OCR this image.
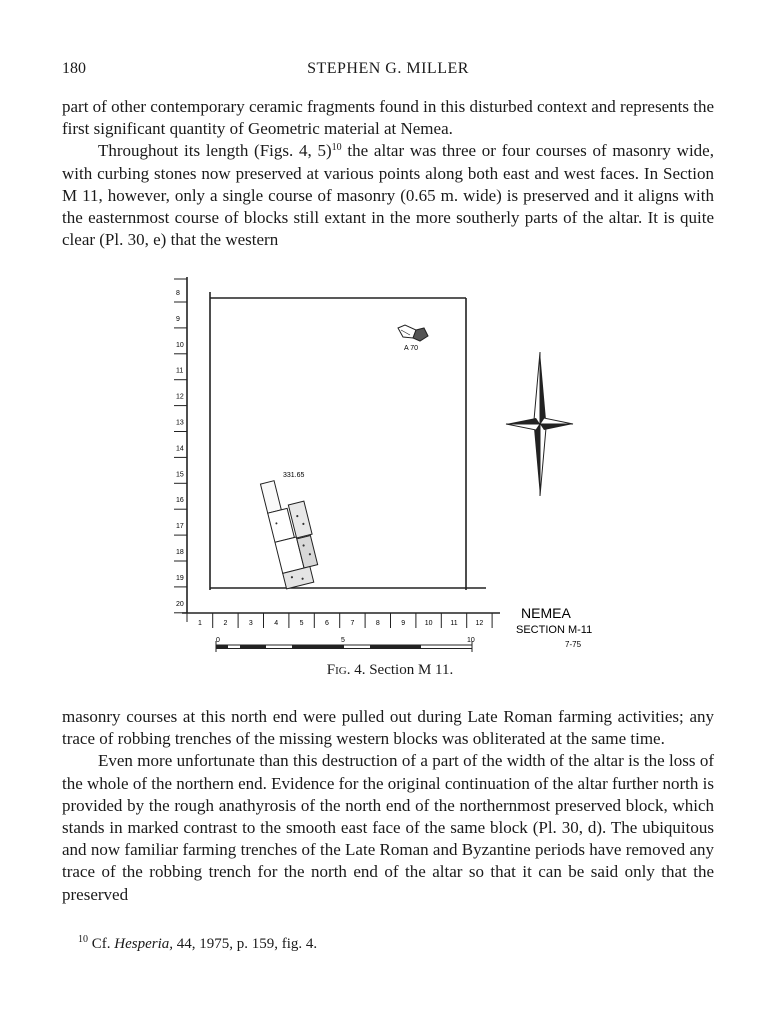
180	STEPHEN G. MILLER

part of other contemporary ceramic fragments found in this disturbed context and represents the first significant quantity of Geometric material at Nemea.

Throughout its length (Figs. 4, 5)$^{10}$ the altar was three or four courses of masonry wide, with curbing stones now preserved at various points along both east and west faces. In Section M 11, however, only a single course of masonry (0.65 m. wide) is preserved and it aligns with the easternmost course of blocks still extant in the more southerly parts of the altar. It is quite clear (Pl. 30, e) that the western

8
9
10
11
12
13
14
15
16
17
18
19
20
1	2	3	4	5	6	7	8	9	10	11	12
A 70
331.65
0	5	10
NEMEA
SECTION M-11
7-75
Fig. 4. Section M 11.

masonry courses at this north end were pulled out during Late Roman farming activities; any trace of robbing trenches of the missing western blocks was obliterated at the same time.

Even more unfortunate than this destruction of a part of the width of the altar is the loss of the whole of the northern end. Evidence for the original continuation of the altar further north is provided by the rough anathyrosis of the north end of the northernmost preserved block, which stands in marked contrast to the smooth east face of the same block (Pl. 30, d). The ubiquitous and now familiar farming trenches of the Late Roman and Byzantine periods have removed any trace of the robbing trench for the north end of the altar so that it can be said only that the preserved

$^{10}$ Cf. Hesperia, 44, 1975, p. 159, fig. 4.
